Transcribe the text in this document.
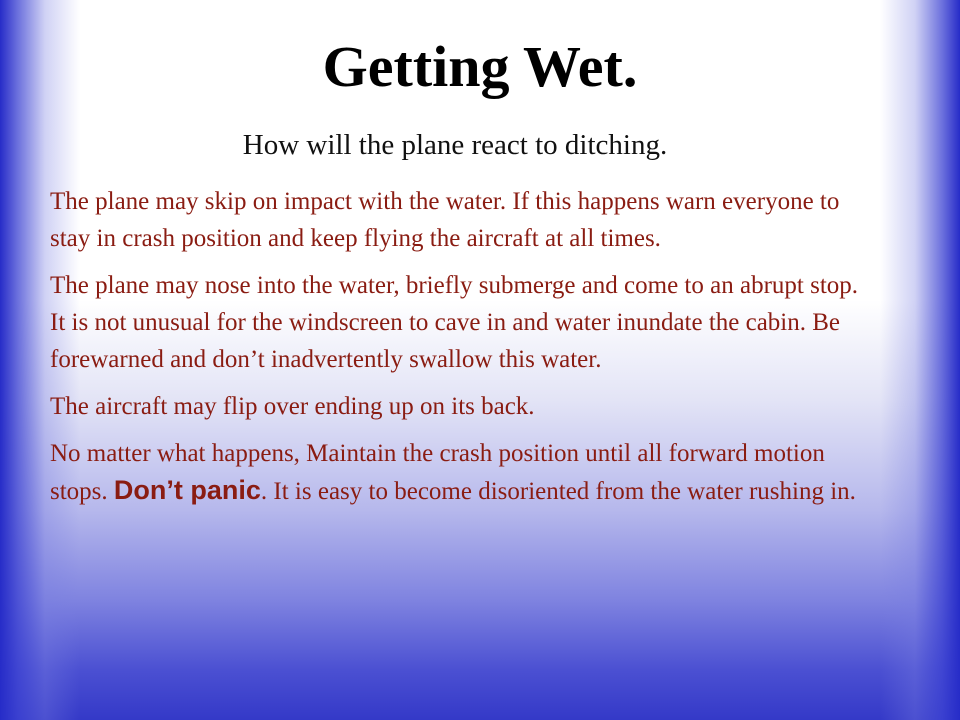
Getting Wet.
How will the plane react to ditching.

The plane may skip on impact with the water. If this happens warn everyone to stay in crash position and keep flying the aircraft at all times.

The plane may nose into the water, briefly submerge and come to an abrupt stop. It is not unusual for the windscreen to cave in and water inundate the cabin. Be forewarned and don’t inadvertently swallow this water.

The aircraft may flip over ending up on its back.

No matter what happens, Maintain the crash position until all forward motion stops. Don’t panic. It is easy to become disoriented from the water rushing in.
